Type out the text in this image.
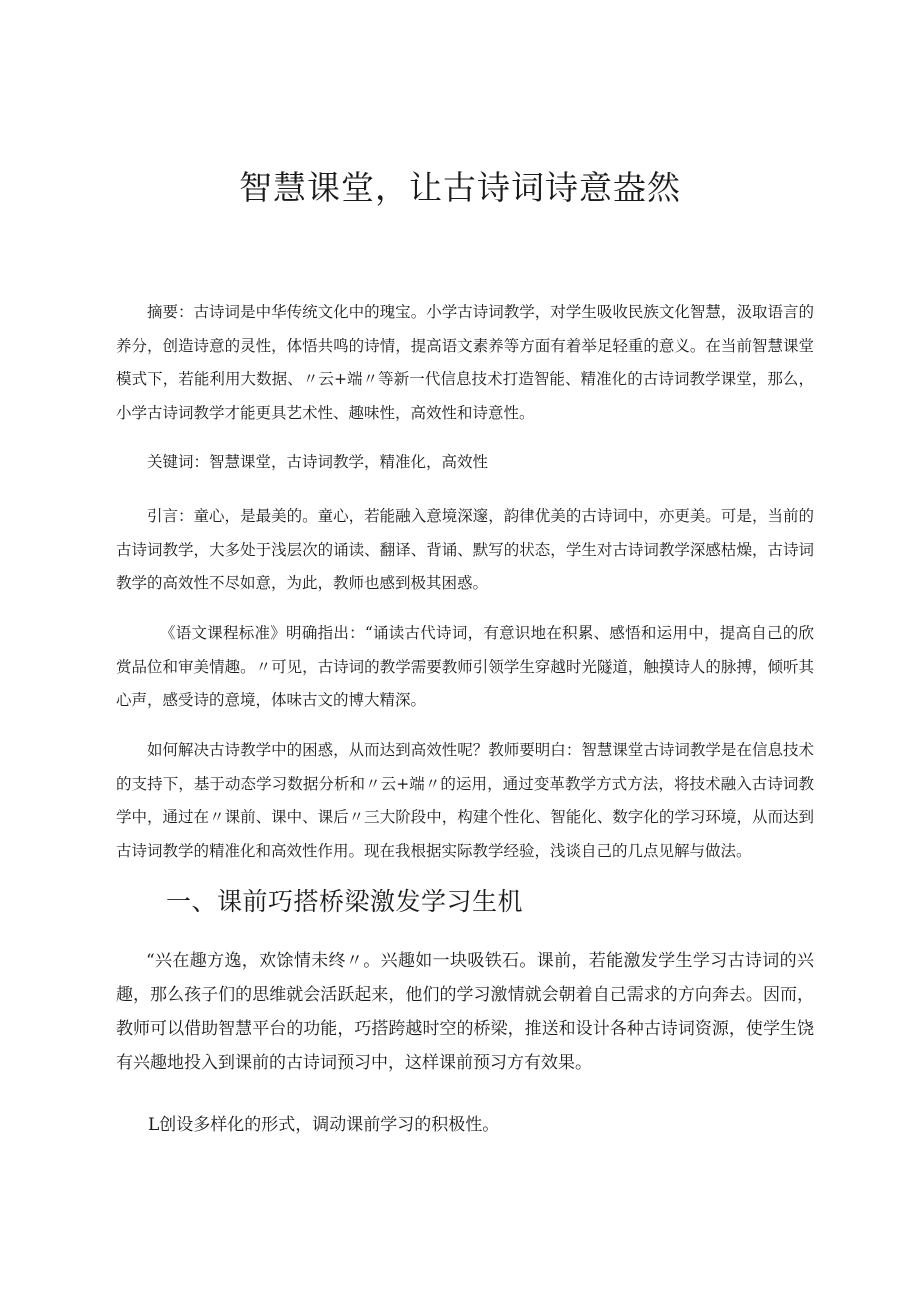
智慧课堂，让古诗词诗意盎然

摘要：古诗词是中华传统文化中的瑰宝。小学古诗词教学，对学生吸收民族文化智慧，汲取语言的养分，创造诗意的灵性，体悟共鸣的诗情，提高语文素养等方面有着举足轻重的意义。在当前智慧课堂模式下，若能利用大数据、〃云+端〃等新一代信息技术打造智能、精准化的古诗词教学课堂，那么，小学古诗词教学才能更具艺术性、趣味性，高效性和诗意性。

关键词：智慧课堂，古诗词教学，精准化，高效性

引言：童心，是最美的。童心，若能融入意境深邃，韵律优美的古诗词中，亦更美。可是，当前的古诗词教学，大多处于浅层次的诵读、翻译、背诵、默写的状态，学生对古诗词教学深感枯燥，古诗词教学的高效性不尽如意，为此，教师也感到极其困惑。

《语文课程标准》明确指出：“诵读古代诗词，有意识地在积累、感悟和运用中，提高自己的欣赏品位和审美情趣。〃可见，古诗词的教学需要教师引领学生穿越时光隧道，触摸诗人的脉搏，倾听其心声，感受诗的意境，体味古文的博大精深。

如何解决古诗教学中的困惑，从而达到高效性呢？教师要明白：智慧课堂古诗词教学是在信息技术的支持下，基于动态学习数据分析和〃云+端〃的运用，通过变革教学方式方法，将技术融入古诗词教学中，通过在〃课前、课中、课后〃三大阶段中，构建个性化、智能化、数字化的学习环境，从而达到古诗词教学的精准化和高效性作用。现在我根据实际教学经验，浅谈自己的几点见解与做法。

一、课前巧搭桥梁激发学习生机

“兴在趣方逸，欢馀情未终〃。兴趣如一块吸铁石。课前，若能激发学生学习古诗词的兴趣，那么孩子们的思维就会活跃起来，他们的学习激情就会朝着自己需求的方向奔去。因而，教师可以借助智慧平台的功能，巧搭跨越时空的桥梁，推送和设计各种古诗词资源，使学生饶有兴趣地投入到课前的古诗词预习中，这样课前预习方有效果。

L创设多样化的形式，调动课前学习的积极性。
